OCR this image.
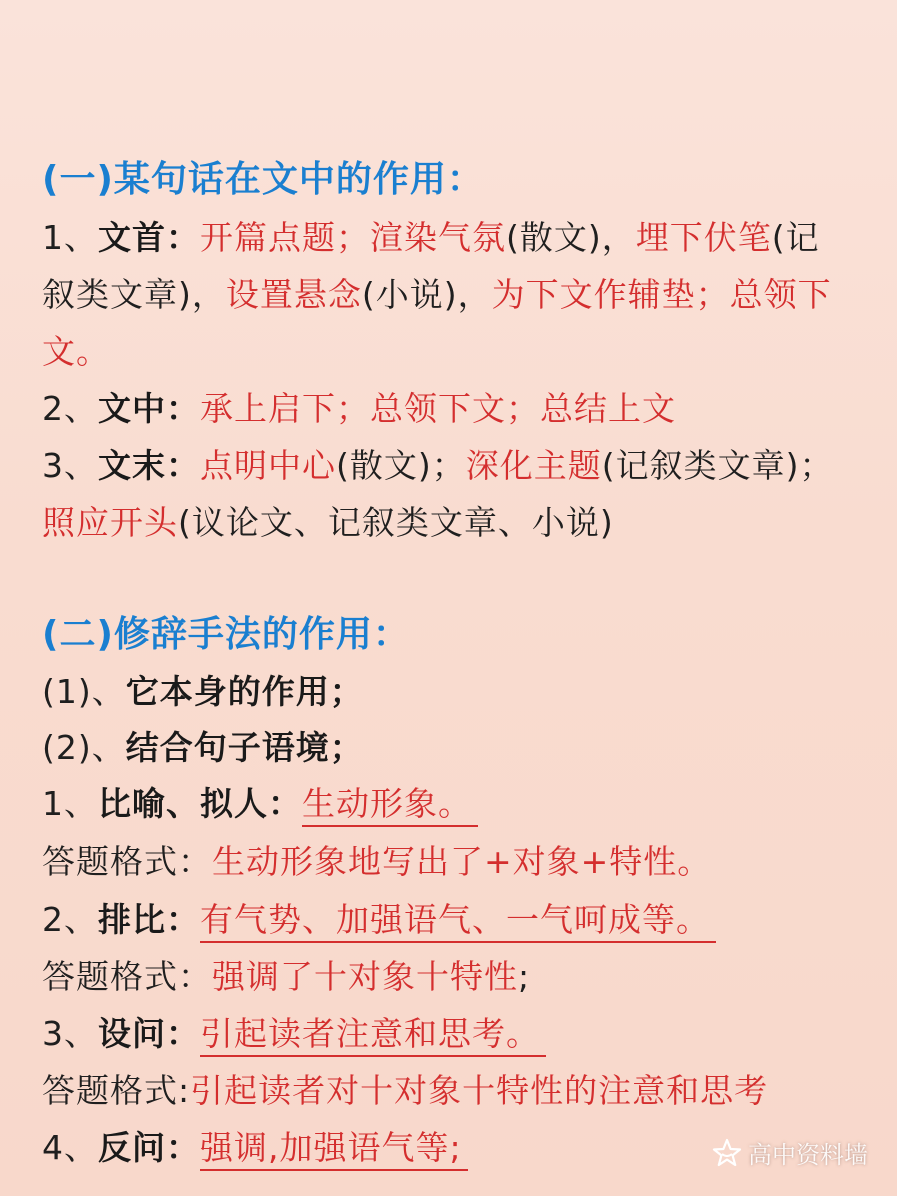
(一)某句话在文中的作用：
1、文首：开篇点题；渲染气氛(散文)，埋下伏笔(记
叙类文章)，设置悬念(小说)，为下文作辅垫；总领下
文。
2、文中：承上启下；总领下文；总结上文
3、文末：点明中心(散文)；深化主题(记叙类文章)；
照应开头(议论文、记叙类文章、小说)
(二)修辞手法的作用：
(1)、它本身的作用；
(2)、结合句子语境；
1、比喻、拟人：生动形象。
答题格式：生动形象地写出了+对象+特性。
2、排比：有气势、加强语气、一气呵成等。
答题格式：强调了十对象十特性;
3、设问：引起读者注意和思考。
答题格式:引起读者对十对象十特性的注意和思考
4、反问：强调,加强语气等;	高中资料墙
